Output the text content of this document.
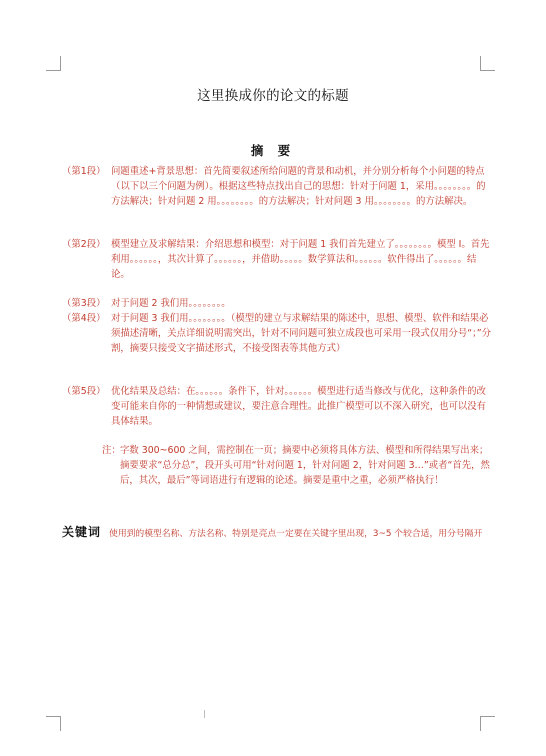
这里换成你的论文的标题
摘 要
（第1段） 问题重述+背景思想：首先简要叙述所给问题的背景和动机，并分别分析每个小问题的特点（以下以三个问题为例）。根据这些特点找出自己的思想：针对于问题 1，采用。。。。。。。。的方法解决；针对问题 2 用。。。。。。。。的方法解决；针对问题 3 用。。。。。。。。的方法解决。
（第2段） 模型建立及求解结果：介绍思想和模型：对于问题 1 我们首先建立了。。。。。。。。模型 I。首先利用。。。。。。，其次计算了。。。。。。，并借助。。。。。数学算法和。。。。。。软件得出了。。。。。。结论。
（第3段） 对于问题 2 我们用。。。。。。。。
（第4段） 对于问题 3 我们用。。。。。。。。（模型的建立与求解结果的陈述中，思想、模型、软件和结果必须描述清晰，关点详细说明需突出，针对不同问题可独立成段也可采用一段式仅用分号“；”分割，摘要只接受文字描述形式，不接受图表等其他方式）
（第5段） 优化结果及总结：在。。。。。。条件下，针对。。。。。。模型进行适当修改与优化，这种条件的改变可能来自你的一种情想或建议，要注意合理性。此推广模型可以不深入研究，也可以没有具体结果。
注： 字数 300~600 之间，需控制在一页；摘要中必须将具体方法、模型和所得结果写出来；摘要要求“总分总”，段开头可用“针对问题 1，针对问题 2，针对问题 3…”或者“首先，然后，其次，最后”等词语进行有逻辑的论述。摘要是重中之重，必须严格执行！
关键词 使用到的模型名称、方法名称、特别是亮点一定要在关键字里出现，3~5 个较合适，用分号隔开
